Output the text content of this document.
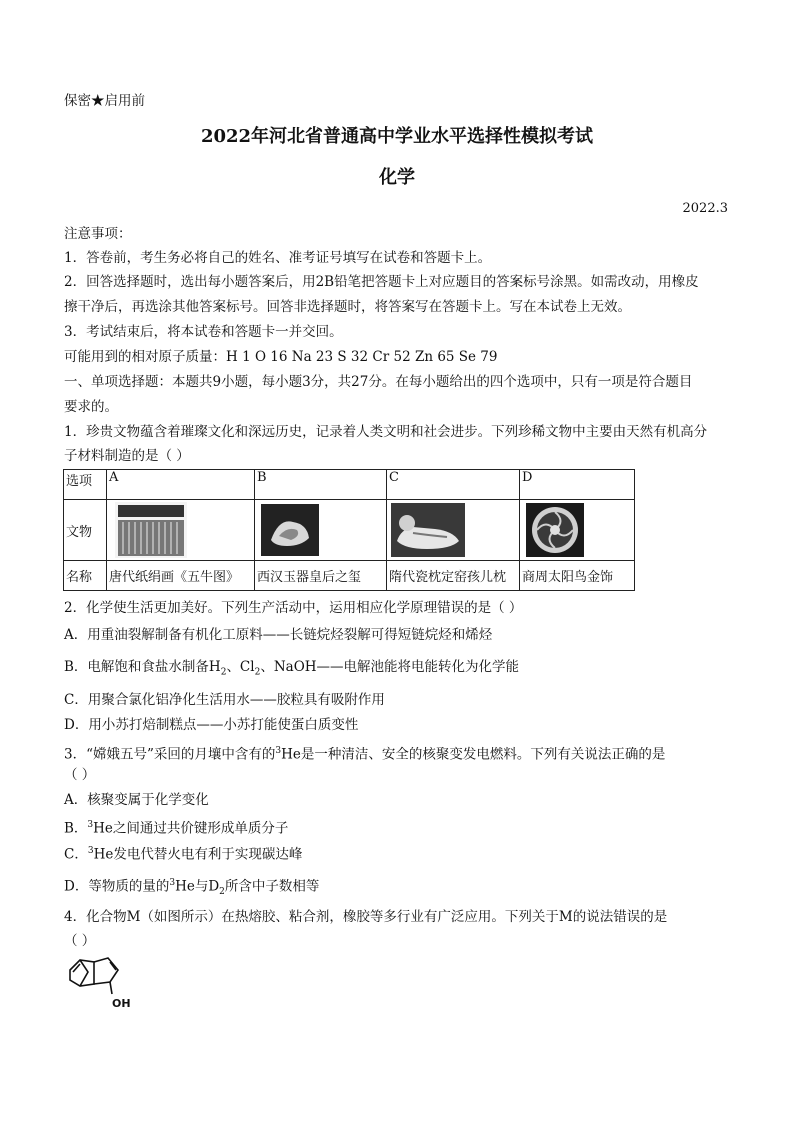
保密★启用前
2022年河北省普通高中学业水平选择性模拟考试
化学
2022.3
注意事项：
1．答卷前，考生务必将自己的姓名、准考证号填写在试卷和答题卡上。
2．回答选择题时，选出每小题答案后，用2B铅笔把答题卡上对应题目的答案标号涂黑。如需改动，用橡皮
擦干净后，再选涂其他答案标号。回答非选择题时，将答案写在答题卡上。写在本试卷上无效。
3．考试结束后，将本试卷和答题卡一并交回。
可能用到的相对原子质量：H 1 O 16 Na 23 S 32 Cr 52 Zn 65 Se 79
一、单项选择题：本题共9小题，每小题3分，共27分。在每小题给出的四个选项中，只有一项是符合题目
要求的。
1．珍贵文物蕴含着璀璨文化和深远历史，记录着人类文明和社会进步。下列珍稀文物中主要由天然有机高分
子材料制造的是（ ）
选项	A	B	C	D
文物	

名称	唐代纸绢画《五牛图》	西汉玉器皇后之玺	隋代瓷枕定窑孩儿枕	商周太阳鸟金饰
2．化学使生活更加美好。下列生产活动中，运用相应化学原理错误的是（ ）
A．用重油裂解制备有机化工原料——长链烷烃裂解可得短链烷烃和烯烃
B．电解饱和食盐水制备$H_2$、$Cl_2$、NaOH——电解池能将电能转化为化学能
C．用聚合氯化铝净化生活用水——胶粒具有吸附作用
D．用小苏打焙制糕点——小苏打能使蛋白质变性
3．“嫦娥五号”采回的月壤中含有的$^3$He是一种清洁、安全的核聚变发电燃料。下列有关说法正确的是
（ ）
A．核聚变属于化学变化
B．$^3$He之间通过共价键形成单质分子
C．$^3$He发电代替火电有利于实现碳达峰
D．等物质的量的$^3$He与$D_2$所含中子数相等
4．化合物M（如图所示）在热熔胶、粘合剂，橡胶等多行业有广泛应用。下列关于M的说法错误的是
（ ）
OH
